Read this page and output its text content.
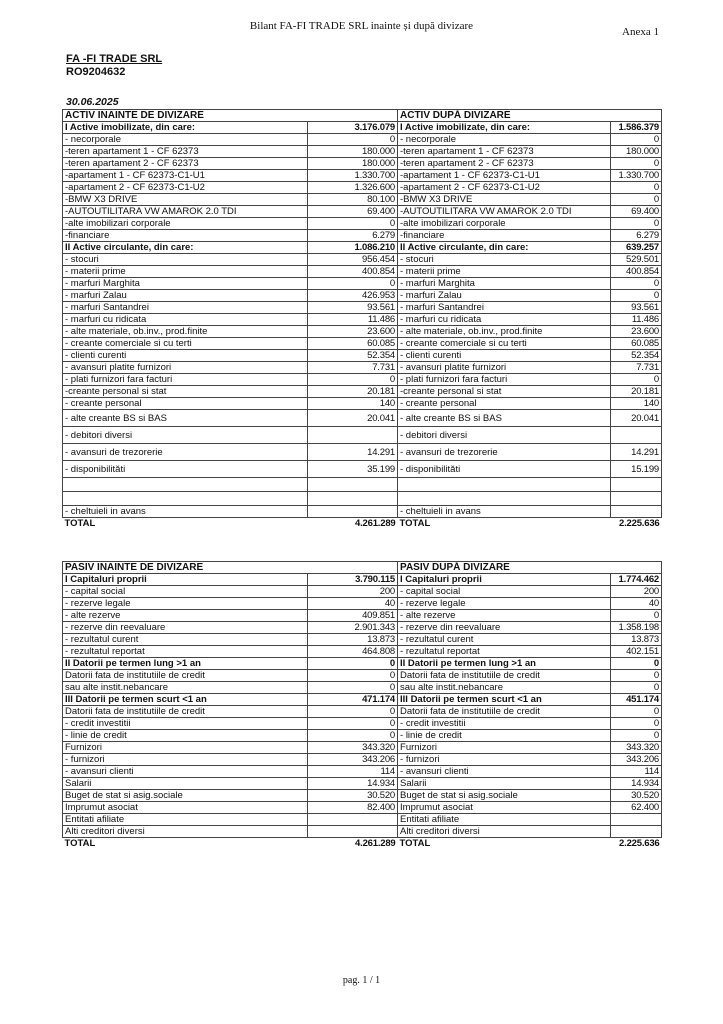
Bilant FA-FI TRADE SRL inainte și după divizare	Anexa 1
FA -FI TRADE SRL
RO9204632
30.06.2025
ACTIV INAINTE DE DIVIZARE		ACTIV DUPĂ DIVIZARE	
I Active imobilizate, din care:	3.176.079	I Active imobilizate, din care:	1.586.379
- necorporale	0	- necorporale	0
-teren apartament 1 - CF 62373	180.000	-teren apartament 1 - CF 62373	180.000
-teren apartament 2 - CF 62373	180.000	-teren apartament 2 - CF 62373	0
-apartament 1 - CF 62373-C1-U1	1.330.700	-apartament 1 - CF 62373-C1-U1	1.330.700
-apartament 2 - CF 62373-C1-U2	1.326.600	-apartament 2 - CF 62373-C1-U2	0
-BMW X3 DRIVE	80.100	-BMW X3 DRIVE	0
-AUTOUTILITARA VW AMAROK 2.0 TDI	69.400	-AUTOUTILITARA VW AMAROK 2.0 TDI	69.400
-alte imobilizari corporale	0	-alte imobilizari corporale	0
-financiare	6.279	-financiare	6.279
II Active circulante, din care:	1.086.210	II Active circulante, din care:	639.257
- stocuri	956.454	- stocuri	529.501
- materii prime	400.854	- materii prime	400.854
- marfuri Marghita	0	- marfuri Marghita	0
- marfuri Zalau	426.953	- marfuri Zalau	0
- marfuri Santandrei	93.561	- marfuri Santandrei	93.561
- marfuri cu ridicata	11.486	- marfuri cu ridicata	11.486
- alte materiale, ob.inv., prod.finite	23.600	- alte materiale, ob.inv., prod.finite	23.600
- creante comerciale si cu terti	60.085	- creante comerciale si cu terti	60.085
- clienti curenti	52.354	- clienti curenti	52.354
- avansuri platite furnizori	7.731	- avansuri platite furnizori	7.731
- plati furnizori fara facturi	0	- plati furnizori fara facturi	0
-creante personal si stat	20.181	-creante personal si stat	20.181
- creante personal	140	- creante personal	140
- alte creante BS si BAS	20.041	- alte creante BS si BAS	20.041
- debitori diversi		- debitori diversi	
- avansuri de trezorerie	14.291	- avansuri de trezorerie	14.291
- disponibilităti	35.199	- disponibilităti	15.199

- cheltuieli in avans		- cheltuieli in avans	
TOTAL	4.261.289	TOTAL	2.225.636
PASIV INAINTE DE DIVIZARE		PASIV DUPĂ DIVIZARE	
I Capitaluri proprii	3.790.115	I Capitaluri proprii	1.774.462
- capital social	200	- capital social	200
- rezerve legale	40	- rezerve legale	40
- alte rezerve	409.851	- alte rezerve	0
- rezerve din reevaluare	2.901.343	- rezerve din reevaluare	1.358.198
- rezultatul curent	13.873	- rezultatul curent	13.873
- rezultatul reportat	464.808	- rezultatul reportat	402.151
II Datorii pe termen lung >1 an	0	II Datorii pe termen lung >1 an	0
Datorii fata de institutiile de credit	0	Datorii fata de institutiile de credit	0
sau alte instit.nebancare	0	sau alte instit.nebancare	0
III Datorii pe termen scurt <1 an	471.174	III Datorii pe termen scurt <1 an	451.174
Datorii fata de institutiile de credit	0	Datorii fata de institutiile de credit	0
- credit investitii	0	- credit investitii	0
- linie de credit	0	- linie de credit	0
Furnizori	343.320	Furnizori	343.320
- furnizori	343.206	- furnizori	343.206
- avansuri clienti	114	- avansuri clienti	114
Salarii	14.934	Salarii	14.934
Buget de stat si asig.sociale	30.520	Buget de stat si asig.sociale	30.520
Imprumut asociat	82.400	Imprumut asociat	62.400
Entitati afiliate		Entitati afiliate	
Alti creditori diversi		Alti creditori diversi	
TOTAL	4.261.289	TOTAL	2.225.636
pag. 1 / 1
